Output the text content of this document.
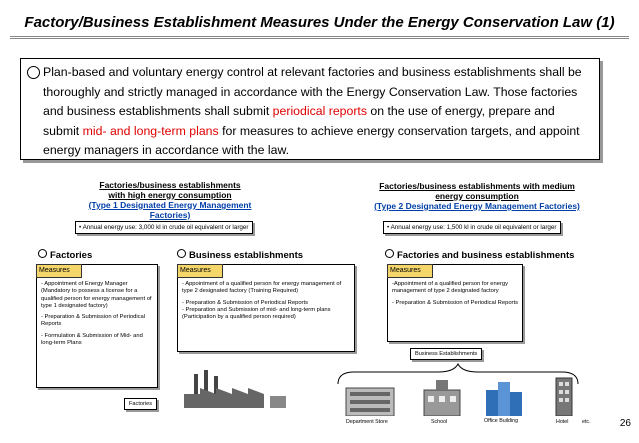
Factory/Business Establishment Measures Under the Energy Conservation Law (1)

Plan-based and voluntary energy control at relevant factories and business establishments shall be thoroughly and strictly managed in accordance with the Energy Conservation Law. Those factories and business establishments shall submit periodical reports on the use of energy, prepare and submit mid- and long-term plans for measures to achieve energy conservation targets, and appoint energy managers in accordance with the law.

Factories/business establishments
with high energy consumption
(Type 1 Designated Energy Management Factories)
• Annual energy use: 3,000 kl in crude oil equivalent or larger
Factories/business establishments with medium
energy consumption
(Type 2 Designated Energy Management Factories)
• Annual energy use: 1,500 kl in crude oil equivalent or larger
Factories	Business establishments	Factories and business establishments
Measures
- Appointment of Energy Manager (Mandatory to possess a license for a qualified person for energy management of type 1 designated factory)
- Preparation & Submission of Periodical Reports
- Formulation & Submission of Mid- and long-term Plans
Measures
- Appointment of a qualified person for energy management of type 2 designated factory (Training Required)
- Preparation & Submission of Periodical Reports
- Preparation and Submission of mid- and long-term plans (Participation by a qualified person required)
Measures
-Appointment of a qualified person for energy management of type 2 designated factory
- Preparation & Submission of Periodical Reports
Factories
Business Establishments
Department Store	School	Office Building	Hotel	etc.	26
